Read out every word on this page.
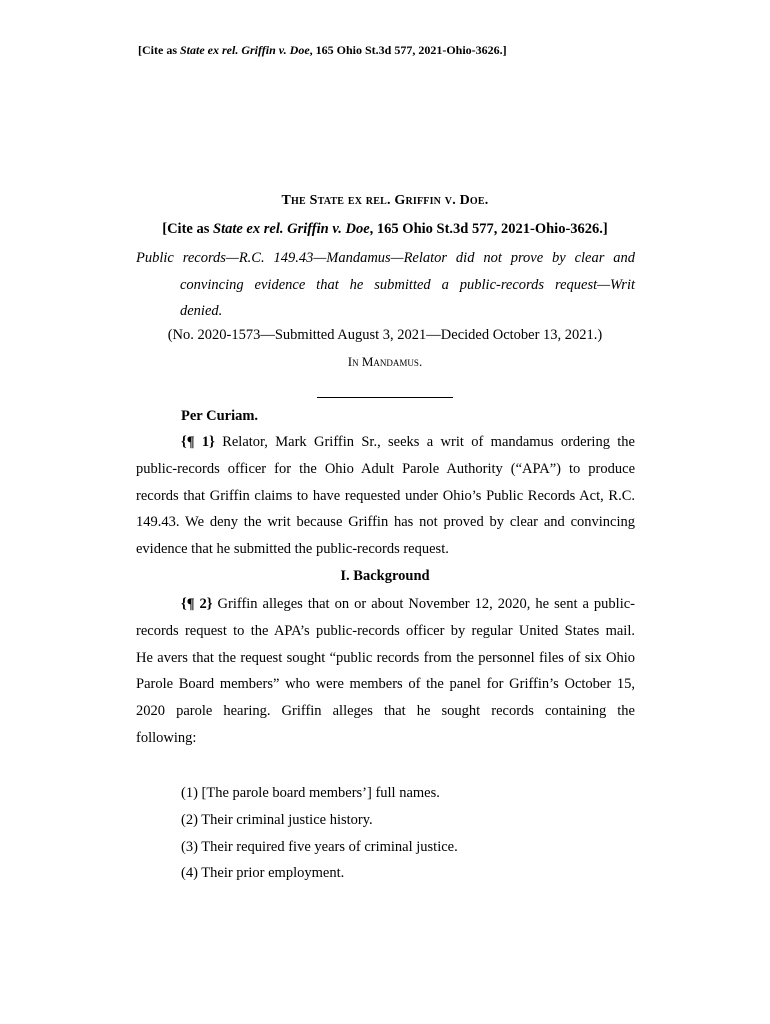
[Cite as State ex rel. Griffin v. Doe, 165 Ohio St.3d 577, 2021-Ohio-3626.]
The State ex rel. Griffin v. Doe.
[Cite as State ex rel. Griffin v. Doe, 165 Ohio St.3d 577, 2021-Ohio-3626.]
Public records—R.C. 149.43—Mandamus—Relator did not prove by clear and
convincing evidence that he submitted a public-records request—Writ
denied.
(No. 2020-1573—Submitted August 3, 2021—Decided October 13, 2021.)
In Mandamus.
Per Curiam.
{¶ 1} Relator, Mark Griffin Sr., seeks a writ of mandamus ordering the
public-records officer for the Ohio Adult Parole Authority (“APA”) to produce
records that Griffin claims to have requested under Ohio’s Public Records Act, R.C.
149.43. We deny the writ because Griffin has not proved by clear and convincing
evidence that he submitted the public-records request.
I. Background
{¶ 2} Griffin alleges that on or about November 12, 2020, he sent a public-
records request to the APA’s public-records officer by regular United States mail.
He avers that the request sought “public records from the personnel files of six Ohio
Parole Board members” who were members of the panel for Griffin’s October 15,
2020 parole hearing. Griffin alleges that he sought records containing the
following:
(1) [The parole board members’] full names.
(2) Their criminal justice history.
(3) Their required five years of criminal justice.
(4) Their prior employment.
